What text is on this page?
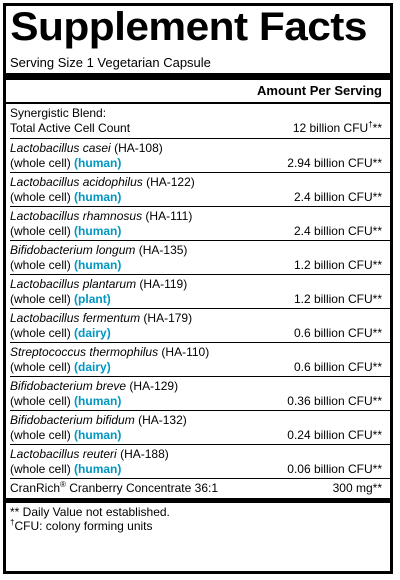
Supplement Facts
Serving Size 1 Vegetarian Capsule
Amount Per Serving
Synergistic Blend:
Total Active Cell Count	12 billion CFU†**
Lactobacillus casei (HA-108)
(whole cell) (human)	2.94 billion CFU**
Lactobacillus acidophilus (HA-122)
(whole cell) (human)	2.4 billion CFU**
Lactobacillus rhamnosus (HA-111)
(whole cell) (human)	2.4 billion CFU**
Bifidobacterium longum (HA-135)
(whole cell) (human)	1.2 billion CFU**
Lactobacillus plantarum (HA-119)
(whole cell) (plant)	1.2 billion CFU**
Lactobacillus fermentum (HA-179)
(whole cell) (dairy)	0.6 billion CFU**
Streptococcus thermophilus (HA-110)
(whole cell) (dairy)	0.6 billion CFU**
Bifidobacterium breve (HA-129)
(whole cell) (human)	0.36 billion CFU**
Bifidobacterium bifidum (HA-132)
(whole cell) (human)	0.24 billion CFU**
Lactobacillus reuteri (HA-188)
(whole cell) (human)	0.06 billion CFU**
CranRich® Cranberry Concentrate 36:1	300 mg**
** Daily Value not established.
†CFU: colony forming units
